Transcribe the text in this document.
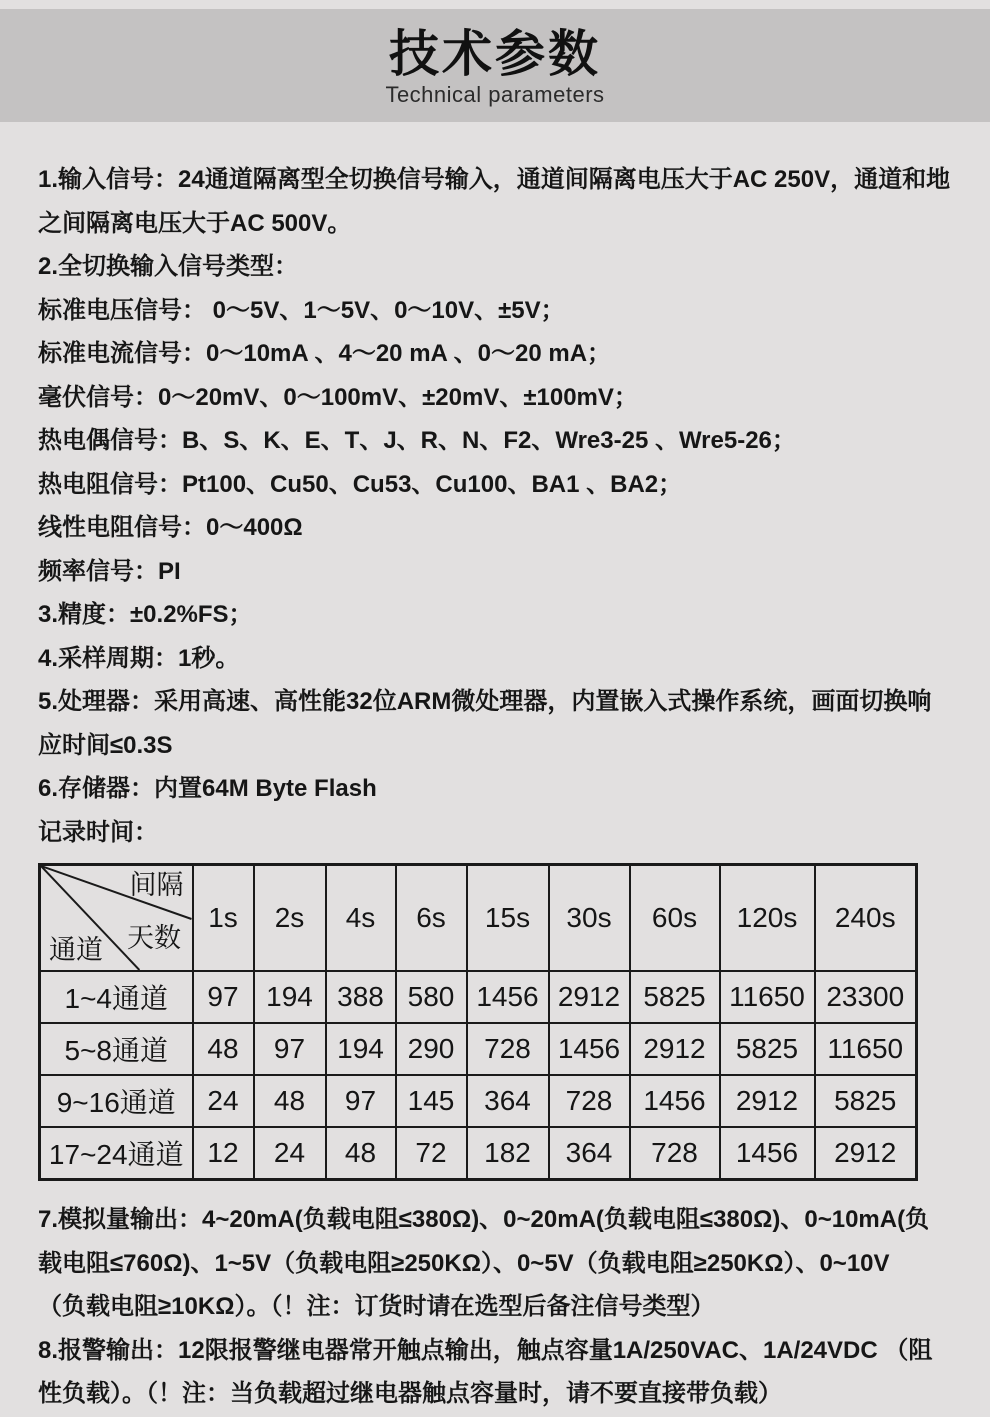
技术参数
Technical parameters

1.输入信号：24通道隔离型全切换信号输入，通道间隔离电压大于AC 250V，通道和地

之间隔离电压大于AC 500V。

2.全切换输入信号类型：

标准电压信号： 0～5V、1～5V、0～10V、±5V；

标准电流信号：0～10mA 、4～20 mA 、0～20 mA；

毫伏信号：0～20mV、0～100mV、±20mV、±100mV；

热电偶信号：B、S、K、E、T、J、R、N、F2、Wre3-25 、Wre5-26；

热电阻信号：Pt100、Cu50、Cu53、Cu100、BA1 、BA2；

线性电阻信号：0～400Ω

频率信号：PI

3.精度：±0.2%FS；

4.采样周期：1秒。

5.处理器：采用高速、高性能32位ARM微处理器，内置嵌入式操作系统，画面切换响

应时间≤0.3S

6.存储器：内置64M Byte Flash

记录时间：

间隔
天数
通道	1s	2s	4s	6s	15s	30s	60s	120s	240s
1~4通道	97	194	388	580	1456	2912	5825	11650	23300
5~8通道	48	97	194	290	728	1456	2912	5825	11650
9~16通道	24	48	97	145	364	728	1456	2912	5825
17~24通道	12	24	48	72	182	364	728	1456	2912

7.模拟量输出：4~20mA(负载电阻≤380Ω)、0~20mA(负载电阻≤380Ω)、0~10mA(负

载电阻≤760Ω)、1~5V（负载电阻≥250KΩ）、0~5V（负载电阻≥250KΩ）、0~10V

（负载电阻≥10KΩ）。（！注：订货时请在选型后备注信号类型）

8.报警输出：12限报警继电器常开触点输出，触点容量1A/250VAC、1A/24VDC （阻

性负载）。（！注：当负载超过继电器触点容量时，请不要直接带负载）
